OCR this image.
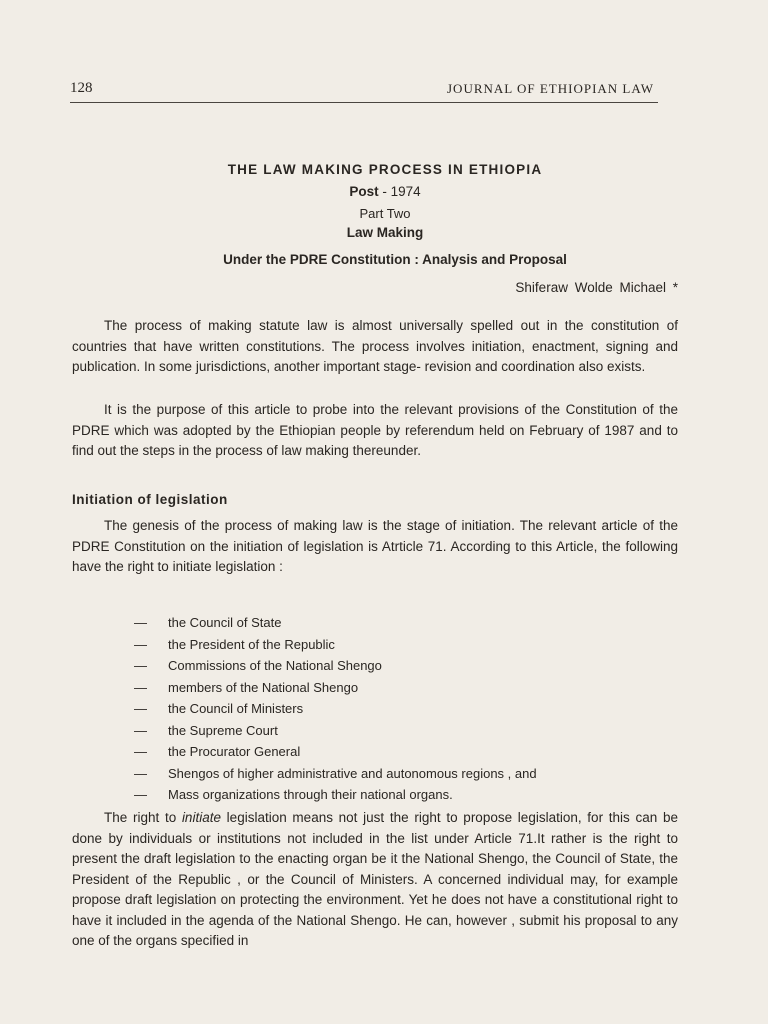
128	JOURNAL OF ETHIOPIAN LAW
THE LAW MAKING PROCESS IN ETHIOPIA
Post - 1974
Part Two
Law Making
Under the PDRE Constitution : Analysis and Proposal
Shiferaw Wolde Michael *

The process of making statute law is almost universally spelled out in the constitution of countries that have written constitutions. The process involves initiation, enactment, signing and publication. In some jurisdictions, another important stage- revision and coordination also exists.

It is the purpose of this article to probe into the relevant provisions of the Constitution of the PDRE which was adopted by the Ethiopian people by referendum held on February of 1987 and to find out the steps in the process of law making thereunder.

Initiation of legislation

The genesis of the process of making law is the stage of initiation. The relevant article of the PDRE Constitution on the initiation of legislation is Atrticle 71. According to this Article, the following have the right to initiate legislation :

— the Council of State
— the President of the Republic
— Commissions of the National Shengo
— members of the National Shengo
— the Council of Ministers
— the Supreme Court
— the Procurator General
— Shengos of higher administrative and autonomous regions , and
— Mass organizations through their national organs.

The right to initiate legislation means not just the right to propose legislation, for this can be done by individuals or institutions not included in the list under Article 71.It rather is the right to present the draft legislation to the enacting organ be it the National Shengo, the Council of State, the President of the Republic , or the Council of Ministers. A concerned individual may, for example propose draft legislation on protecting the environment. Yet he does not have a constitutional right to have it included in the agenda of the National Shengo. He can, however , submit his proposal to any one of the organs specified in
